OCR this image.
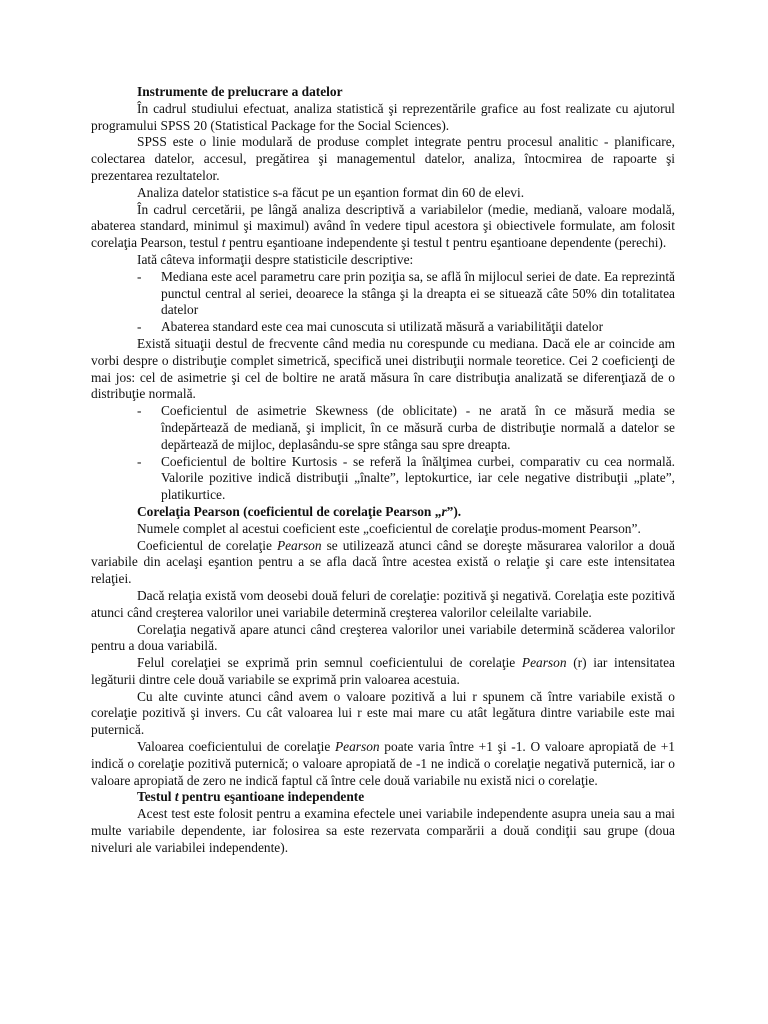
Instrumente de prelucrare a datelor

În cadrul studiului efectuat, analiza statistică şi reprezentările grafice au fost realizate cu ajutorul programului SPSS 20 (Statistical Package for the Social Sciences).

SPSS este o linie modulară de produse complet integrate pentru procesul analitic - planificare, colectarea datelor, accesul, pregătirea şi managementul datelor, analiza, întocmirea de rapoarte şi prezentarea rezultatelor.

Analiza datelor statistice s-a făcut pe un eşantion format din 60 de elevi.

În cadrul cercetării, pe lângă analiza descriptivă a variabilelor (medie, mediană, valoare modală, abaterea standard, minimul şi maximul) având în vedere tipul acestora şi obiectivele formulate, am folosit corelaţia Pearson, testul t pentru eşantioane independente şi testul t pentru eşantioane dependente (perechi).

Iată câteva informaţii despre statisticile descriptive:

- Mediana este acel parametru care prin poziţia sa, se află în mijlocul seriei de date. Ea reprezintă punctul central al seriei, deoarece la stânga şi la dreapta ei se situează câte 50% din totalitatea datelor
- Abaterea standard este cea mai cunoscuta si utilizată măsură a variabilităţii datelor

Există situaţii destul de frecvente când media nu corespunde cu mediana. Dacă ele ar coincide am vorbi despre o distribuţie complet simetrică, specifică unei distribuţii normale teoretice. Cei 2 coeficienţi de mai jos: cel de asimetrie şi cel de boltire ne arată măsura în care distribuţia analizată se diferenţiază de o distribuţie normală.

- Coeficientul de asimetrie Skewness (de oblicitate) - ne arată în ce măsură media se îndepărtează de mediană, şi implicit, în ce măsură curba de distribuţie normală a datelor se depărtează de mijloc, deplasându-se spre stânga sau spre dreapta.
- Coeficientul de boltire Kurtosis - se referă la înălţimea curbei, comparativ cu cea normală. Valorile pozitive indică distribuţii „înalte”, leptokurtice, iar cele negative distribuţii „plate”, platikurtice.

Corelaţia Pearson (coeficientul de corelaţie Pearson „r”).

Numele complet al acestui coeficient este „coeficientul de corelaţie produs-moment Pearson”.

Coeficientul de corelaţie Pearson se utilizează atunci când se doreşte măsurarea valorilor a două variabile din acelaşi eşantion pentru a se afla dacă între acestea există o relaţie şi care este intensitatea relaţiei.

Dacă relaţia există vom deosebi două feluri de corelaţie: pozitivă şi negativă. Corelaţia este pozitivă atunci când creşterea valorilor unei variabile determină creşterea valorilor celeilalte variabile.

Corelaţia negativă apare atunci când creşterea valorilor unei variabile determină scăderea valorilor pentru a doua variabilă.

Felul corelaţiei se exprimă prin semnul coeficientului de corelaţie Pearson (r) iar intensitatea legăturii dintre cele două variabile se exprimă prin valoarea acestuia.

Cu alte cuvinte atunci când avem o valoare pozitivă a lui r spunem că între variabile există o corelaţie pozitivă şi invers. Cu cât valoarea lui r este mai mare cu atât legătura dintre variabile este mai puternică.

Valoarea coeficientului de corelaţie Pearson poate varia între +1 şi -1. O valoare apropiată de +1 indică o corelaţie pozitivă puternică; o valoare apropiată de -1 ne indică o corelaţie negativă puternică, iar o valoare apropiată de zero ne indică faptul că între cele două variabile nu există nici o corelaţie.

Testul t pentru eşantioane independente

Acest test este folosit pentru a examina efectele unei variabile independente asupra uneia sau a mai multe variabile dependente, iar folosirea sa este rezervata comparării a două condiţii sau grupe (doua niveluri ale variabilei independente).
